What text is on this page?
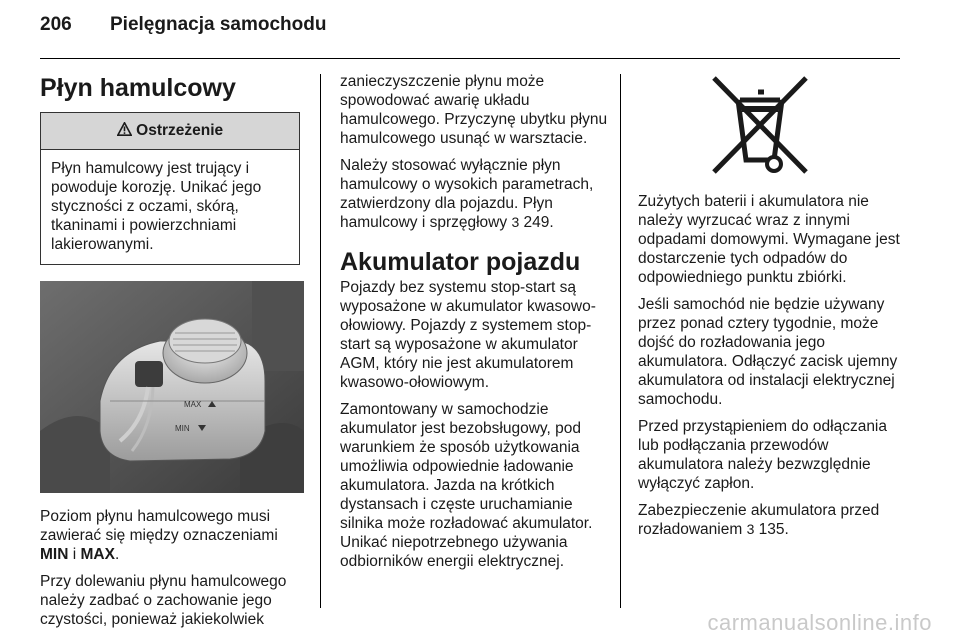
206 Pielęgnacja samochodu
Płyn hamulcowy
Ostrzeżenie
Płyn hamulcowy jest trujący i powoduje korozję. Unikać jego styczności z oczami, skórą, tkaninami i powierzchniami lakierowanymi.
MAX
MIN

Poziom płynu hamulcowego musi zawierać się między oznaczeniami MIN i MAX.

Przy dolewaniu płynu hamulcowego należy zadbać o zachowanie jego czystości, ponieważ jakiekolwiek

zanieczyszczenie płynu może spowodować awarię układu hamulcowego. Przyczynę ubytku płynu hamulcowego usunąć w warsztacie.

Należy stosować wyłącznie płyn hamulcowy o wysokich parametrach, zatwierdzony dla pojazdu. Płyn hamulcowy i sprzęgłowy 3 249.

Akumulator pojazdu

Pojazdy bez systemu stop-start są wyposażone w akumulator kwasowo-ołowiowy. Pojazdy z systemem stop-start są wyposażone w akumulator AGM, który nie jest akumulatorem kwasowo-ołowiowym.

Zamontowany w samochodzie akumulator jest bezobsługowy, pod warunkiem że sposób użytkowania umożliwia odpowiednie ładowanie akumulatora. Jazda na krótkich dystansach i częste uruchamianie silnika może rozładować akumulator. Unikać niepotrzebnego używania odbiorników energii elektrycznej.

Zużytych baterii i akumulatora nie należy wyrzucać wraz z innymi odpadami domowymi. Wymagane jest dostarczenie tych odpadów do odpowiedniego punktu zbiórki.

Jeśli samochód nie będzie używany przez ponad cztery tygodnie, może dojść do rozładowania jego akumulatora. Odłączyć zacisk ujemny akumulatora od instalacji elektrycznej samochodu.

Przed przystąpieniem do odłączania lub podłączania przewodów akumulatora należy bezwzględnie wyłączyć zapłon.

Zabezpieczenie akumulatora przed rozładowaniem 3 135.

carmanualsonline.info
